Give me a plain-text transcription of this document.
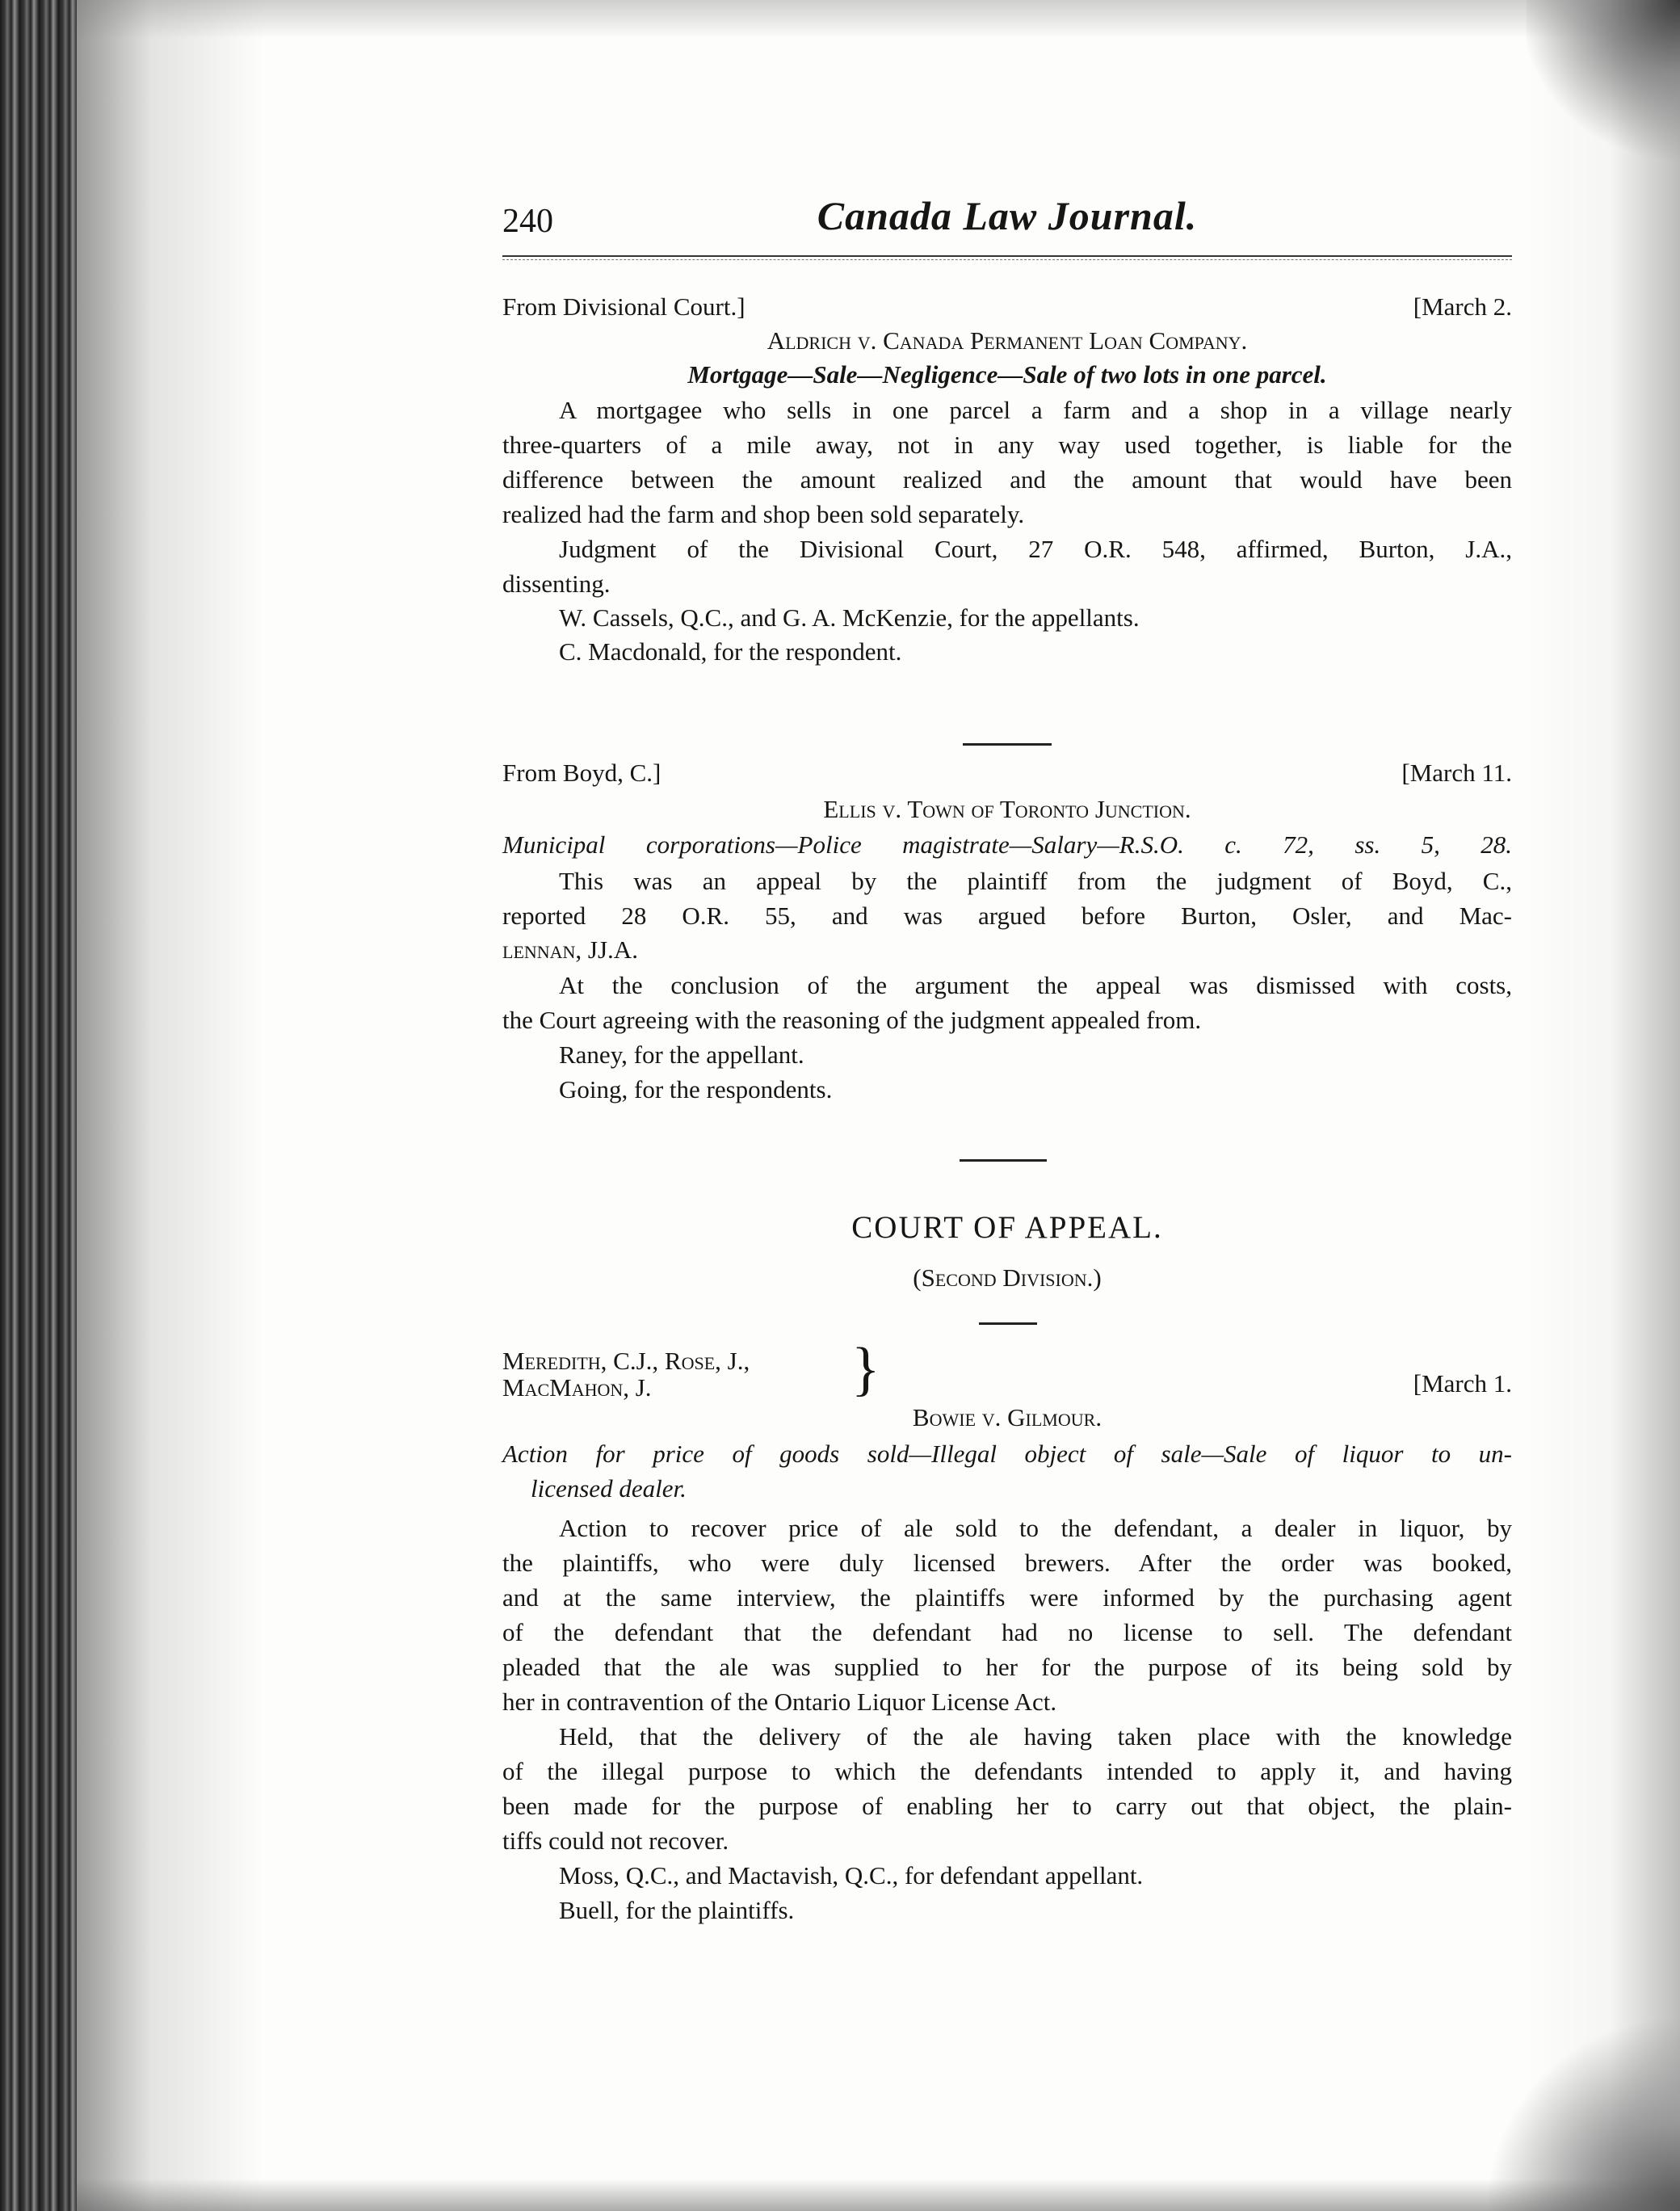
240	Canada Law Journal.
From Divisional Court.]	[March 2.
Aldrich v. Canada Permanent Loan Company.
Mortgage—Sale—Negligence—Sale of two lots in one parcel.
A mortgagee who sells in one parcel a farm and a shop in a village nearly
three-quarters of a mile away, not in any way used together, is liable for the
difference between the amount realized and the amount that would have been
realized had the farm and shop been sold separately.
Judgment of the Divisional Court, 27 O.R. 548, affirmed, Burton, J.A.,
dissenting.
W. Cassels, Q.C., and G. A. McKenzie, for the appellants.
C. Macdonald, for the respondent.
From Boyd, C.]	[March 11.
Ellis v. Town of Toronto Junction.
Municipal corporations—Police magistrate—Salary—R.S.O. c. 72, ss. 5, 28.
This was an appeal by the plaintiff from the judgment of Boyd, C.,
reported 28 O.R. 55, and was argued before Burton, Osler, and Mac-
lennan, JJ.A.
At the conclusion of the argument the appeal was dismissed with costs,
the Court agreeing with the reasoning of the judgment appealed from.
Raney, for the appellant.
Going, for the respondents.
COURT OF APPEAL.
(Second Division.)
Meredith, C.J., Rose, J.,
MacMahon, J.	}	[March 1.
Bowie v. Gilmour.
Action for price of goods sold—Illegal object of sale—Sale of liquor to un-
licensed dealer.
Action to recover price of ale sold to the defendant, a dealer in liquor, by
the plaintiffs, who were duly licensed brewers. After the order was booked,
and at the same interview, the plaintiffs were informed by the purchasing agent
of the defendant that the defendant had no license to sell. The defendant
pleaded that the ale was supplied to her for the purpose of its being sold by
her in contravention of the Ontario Liquor License Act.
Held, that the delivery of the ale having taken place with the knowledge
of the illegal purpose to which the defendants intended to apply it, and having
been made for the purpose of enabling her to carry out that object, the plain-
tiffs could not recover.
Moss, Q.C., and Mactavish, Q.C., for defendant appellant.
Buell, for the plaintiffs.
